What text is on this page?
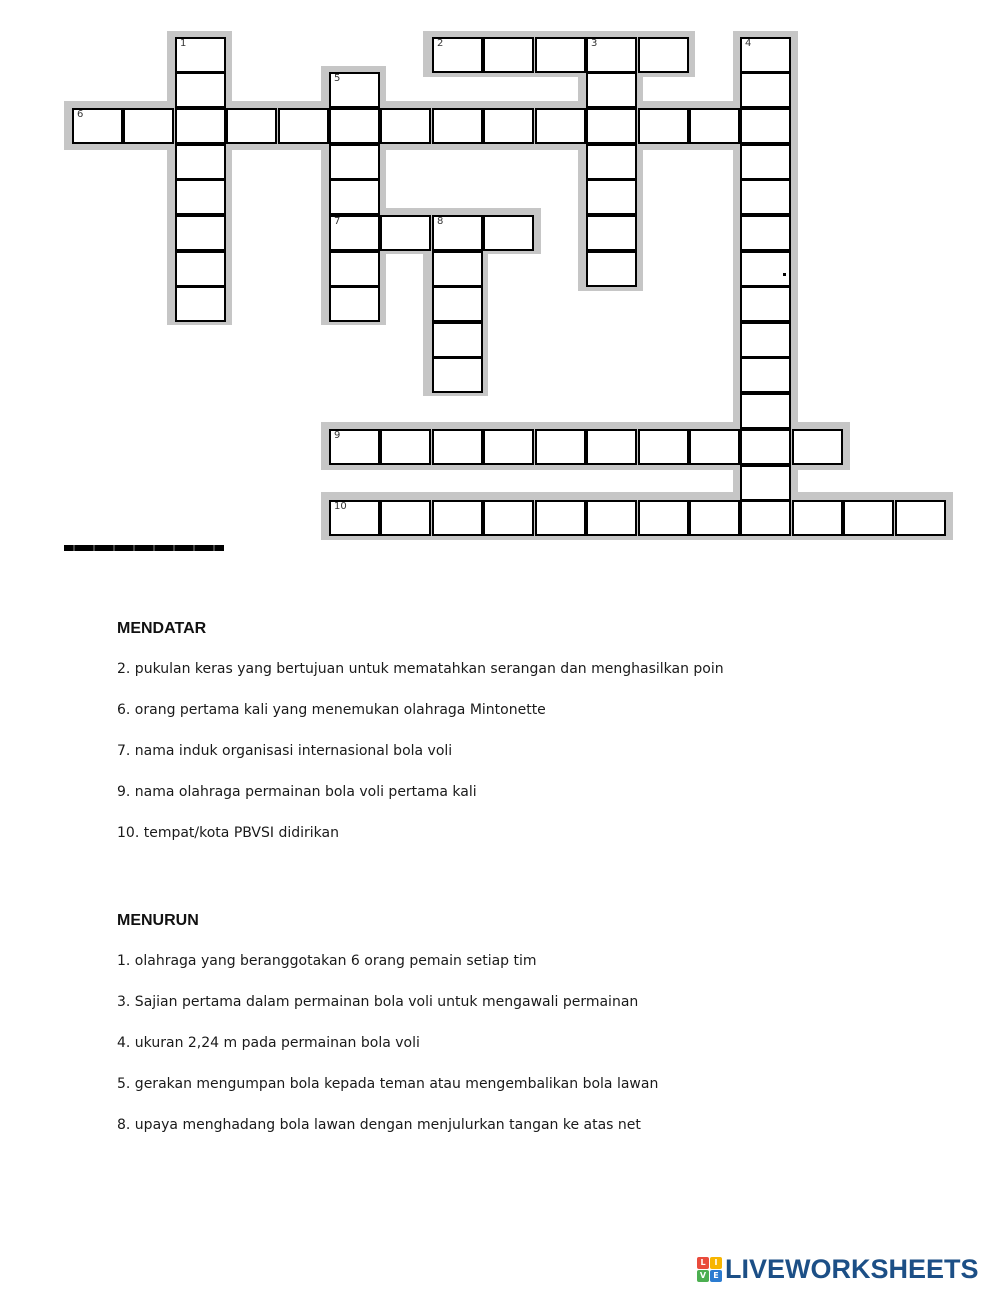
1	2	3	4
5
7
6
8
9
10
MENDATAR
2. pukulan keras yang bertujuan untuk mematahkan serangan dan menghasilkan poin
6. orang pertama kali yang menemukan olahraga Mintonette
7. nama induk organisasi internasional bola voli
9. nama olahraga permainan bola voli pertama kali
10. tempat/kota PBVSI didirikan
MENURUN
1. olahraga yang beranggotakan 6 orang pemain setiap tim
3. Sajian pertama dalam permainan bola voli untuk mengawali permainan
4. ukuran 2,24 m pada permainan bola voli
5. gerakan mengumpan bola kepada teman atau mengembalikan bola lawan
8. upaya menghadang bola lawan dengan menjulurkan tangan ke atas net
L	I
V E LIVEWORKSHEETS
